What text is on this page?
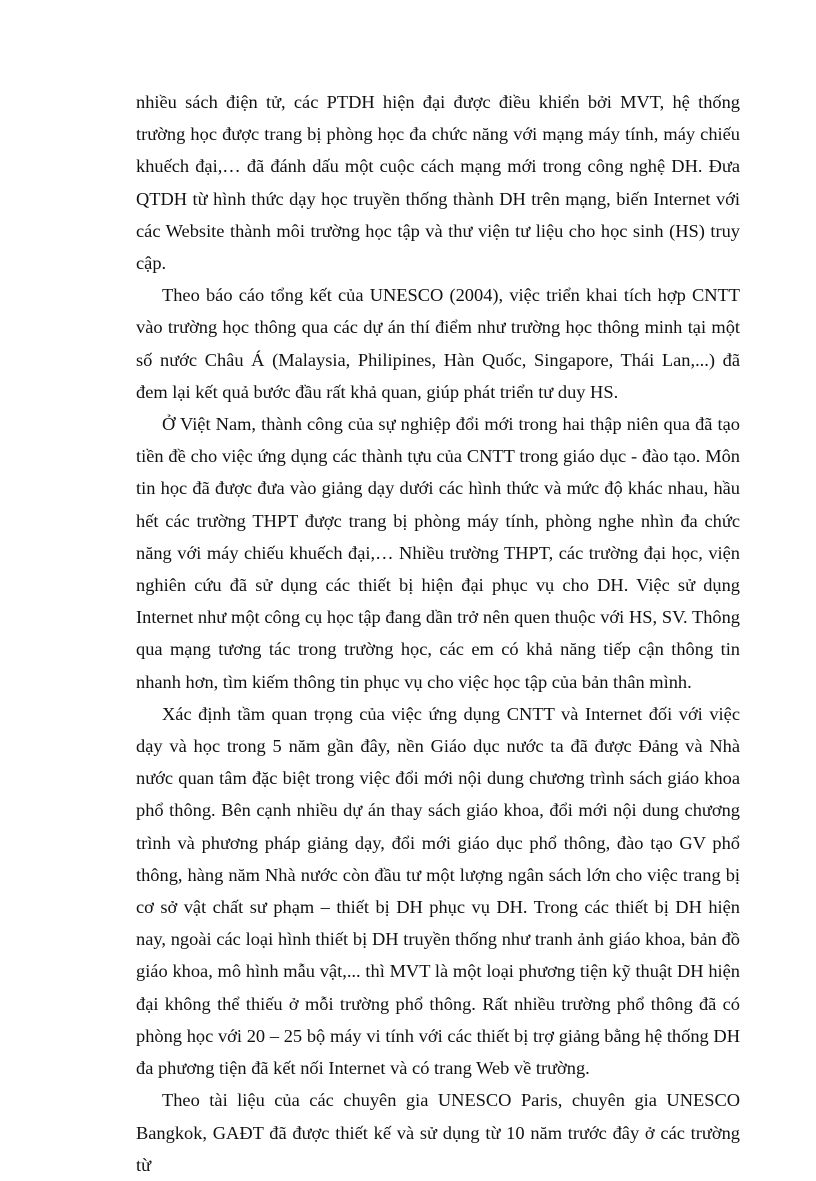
nhiều sách điện tử, các PTDH hiện đại được điều khiển bởi MVT, hệ thống trường học được trang bị phòng học đa chức năng với mạng máy tính, máy chiếu khuếch đại,… đã đánh dấu một cuộc cách mạng mới trong công nghệ DH. Đưa QTDH từ hình thức dạy học truyền thống thành DH trên mạng, biến Internet với các Website thành môi trường học tập và thư viện tư liệu cho học sinh (HS) truy cập.

Theo báo cáo tổng kết của UNESCO (2004), việc triển khai tích hợp CNTT vào trường học thông qua các dự án thí điểm như trường học thông minh tại một số nước Châu Á (Malaysia, Philipines, Hàn Quốc, Singapore, Thái Lan,...) đã đem lại kết quả bước đầu rất khả quan, giúp phát triển tư duy HS.

Ở Việt Nam, thành công của sự nghiệp đổi mới trong hai thập niên qua đã tạo tiền đề cho việc ứng dụng các thành tựu của CNTT trong giáo dục - đào tạo. Môn tin học đã được đưa vào giảng dạy dưới các hình thức và mức độ khác nhau, hầu hết các trường THPT được trang bị phòng máy tính, phòng nghe nhìn đa chức năng với máy chiếu khuếch đại,… Nhiều trường THPT, các trường đại học, viện nghiên cứu đã sử dụng các thiết bị hiện đại phục vụ cho DH. Việc sử dụng Internet như một công cụ học tập đang dần trở nên quen thuộc với HS, SV. Thông qua mạng tương tác trong trường học, các em có khả năng tiếp cận thông tin nhanh hơn, tìm kiếm thông tin phục vụ cho việc học tập của bản thân mình.

Xác định tầm quan trọng của việc ứng dụng CNTT và Internet đối với việc dạy và học trong 5 năm gần đây, nền Giáo dục nước ta đã được Đảng và Nhà nước quan tâm đặc biệt trong việc đổi mới nội dung chương trình sách giáo khoa phổ thông. Bên cạnh nhiều dự án thay sách giáo khoa, đổi mới nội dung chương trình và phương pháp giảng dạy, đổi mới giáo dục phổ thông, đào tạo GV phổ thông, hàng năm Nhà nước còn đầu tư một lượng ngân sách lớn cho việc trang bị cơ sở vật chất sư phạm – thiết bị DH phục vụ DH. Trong các thiết bị DH hiện nay, ngoài các loại hình thiết bị DH truyền thống như tranh ảnh giáo khoa, bản đồ giáo khoa, mô hình mẫu vật,... thì MVT là một loại phương tiện kỹ thuật DH hiện đại không thể thiếu ở mỗi trường phổ thông. Rất nhiều trường phổ thông đã có phòng học với 20 – 25 bộ máy vi tính với các thiết bị trợ giảng bằng hệ thống DH đa phương tiện đã kết nối Internet và có trang Web về trường.

Theo tài liệu của các chuyên gia UNESCO Paris, chuyên gia UNESCO Bangkok, GAĐT đã được thiết kế và sử dụng từ 10 năm trước đây ở các trường từ
